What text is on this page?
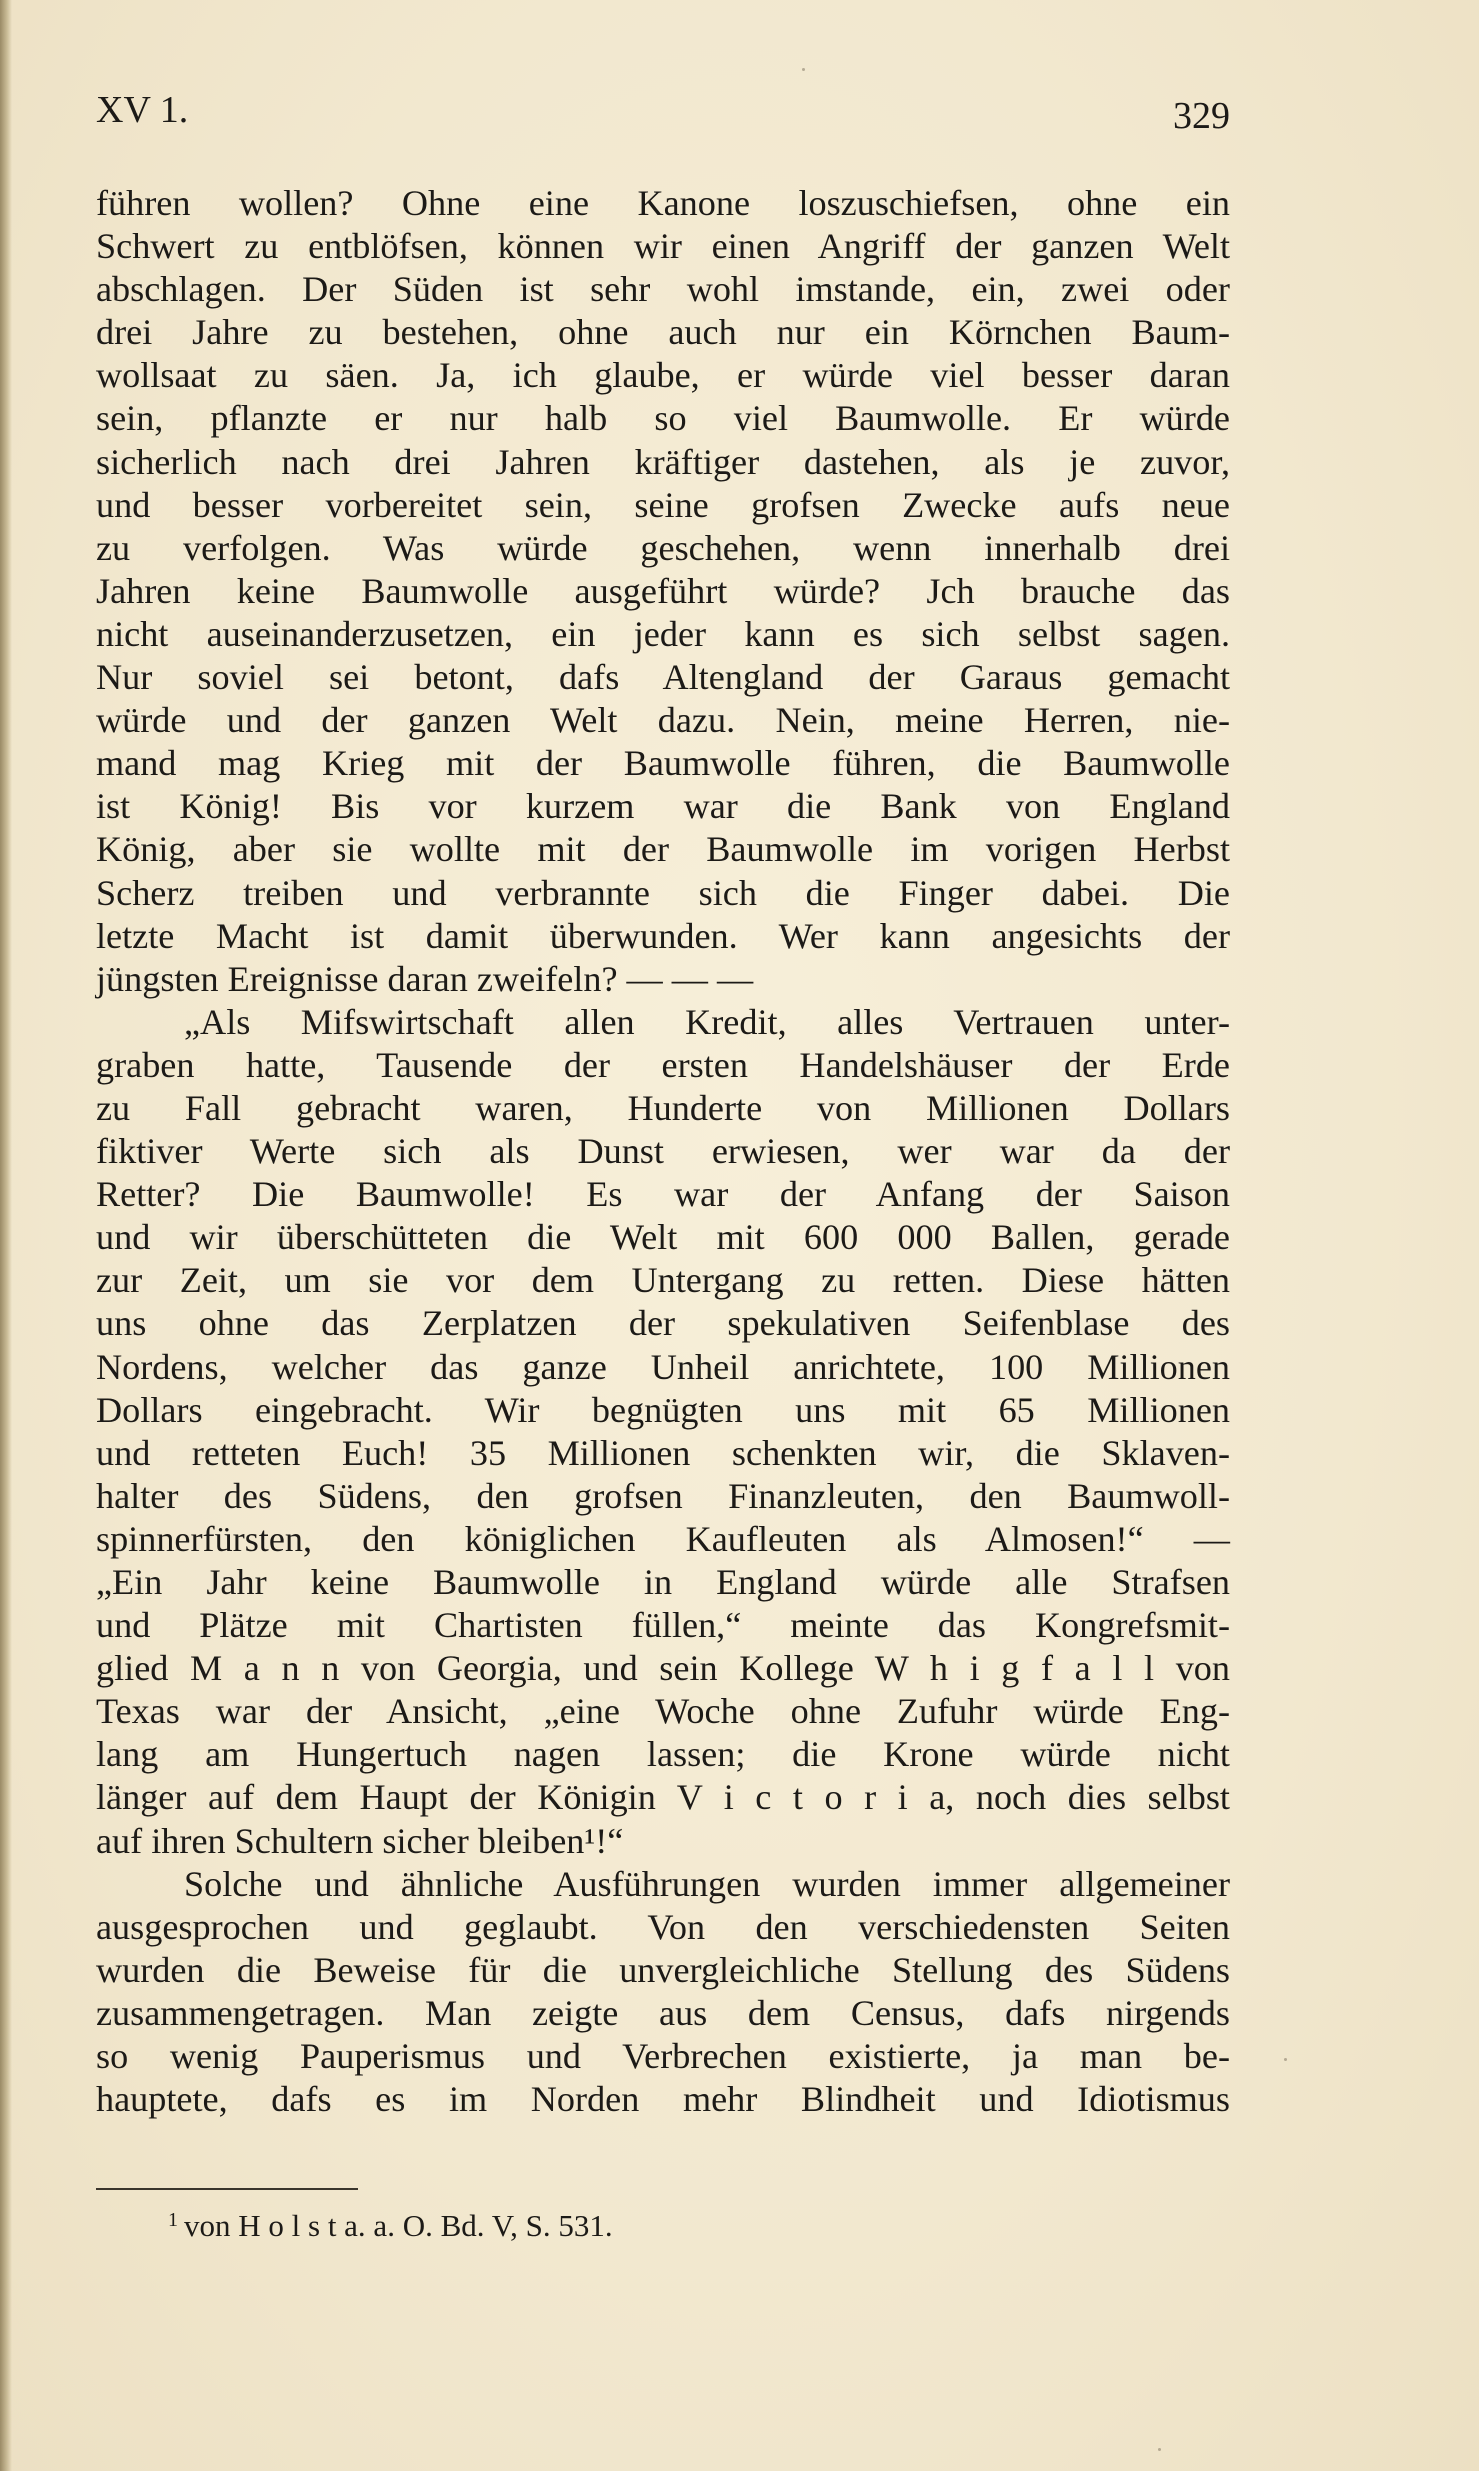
XV 1.	329
führen wollen? Ohne eine Kanone loszuschiefsen, ohne ein
Schwert zu entblöfsen, können wir einen Angriff der ganzen Welt
abschlagen. Der Süden ist sehr wohl imstande, ein, zwei oder
drei Jahre zu bestehen, ohne auch nur ein Körnchen Baum-
wollsaat zu säen. Ja, ich glaube, er würde viel besser daran
sein, pflanzte er nur halb so viel Baumwolle. Er würde
sicherlich nach drei Jahren kräftiger dastehen, als je zuvor,
und besser vorbereitet sein, seine grofsen Zwecke aufs neue
zu verfolgen. Was würde geschehen, wenn innerhalb drei
Jahren keine Baumwolle ausgeführt würde? Jch brauche das
nicht auseinanderzusetzen, ein jeder kann es sich selbst sagen.
Nur soviel sei betont, dafs Altengland der Garaus gemacht
würde und der ganzen Welt dazu. Nein, meine Herren, nie-
mand mag Krieg mit der Baumwolle führen, die Baumwolle
ist König! Bis vor kurzem war die Bank von England
König, aber sie wollte mit der Baumwolle im vorigen Herbst
Scherz treiben und verbrannte sich die Finger dabei. Die
letzte Macht ist damit überwunden. Wer kann angesichts der
jüngsten Ereignisse daran zweifeln? — — —
„Als Mifswirtschaft allen Kredit, alles Vertrauen unter-
graben hatte, Tausende der ersten Handelshäuser der Erde
zu Fall gebracht waren, Hunderte von Millionen Dollars
fiktiver Werte sich als Dunst erwiesen, wer war da der
Retter? Die Baumwolle! Es war der Anfang der Saison
und wir überschütteten die Welt mit 600 000 Ballen, gerade
zur Zeit, um sie vor dem Untergang zu retten. Diese hätten
uns ohne das Zerplatzen der spekulativen Seifenblase des
Nordens, welcher das ganze Unheil anrichtete, 100 Millionen
Dollars eingebracht. Wir begnügten uns mit 65 Millionen
und retteten Euch! 35 Millionen schenkten wir, die Sklaven-
halter des Südens, den grofsen Finanzleuten, den Baumwoll-
spinnerfürsten, den königlichen Kaufleuten als Almosen!“ —
„Ein Jahr keine Baumwolle in England würde alle Strafsen
und Plätze mit Chartisten füllen,“ meinte das Kongrefsmit-
glied M a n n von Georgia, und sein Kollege W h i g f a l l von
Texas war der Ansicht, „eine Woche ohne Zufuhr würde Eng-
lang am Hungertuch nagen lassen; die Krone würde nicht
länger auf dem Haupt der Königin V i c t o r i a, noch dies selbst
auf ihren Schultern sicher bleiben¹!“
Solche und ähnliche Ausführungen wurden immer allgemeiner
ausgesprochen und geglaubt. Von den verschiedensten Seiten
wurden die Beweise für die unvergleichliche Stellung des Südens
zusammengetragen. Man zeigte aus dem Census, dafs nirgends
so wenig Pauperismus und Verbrechen existierte, ja man be-
hauptete, dafs es im Norden mehr Blindheit und Idiotismus
$^1$ von H o l s t a. a. O. Bd. V, S. 531.
